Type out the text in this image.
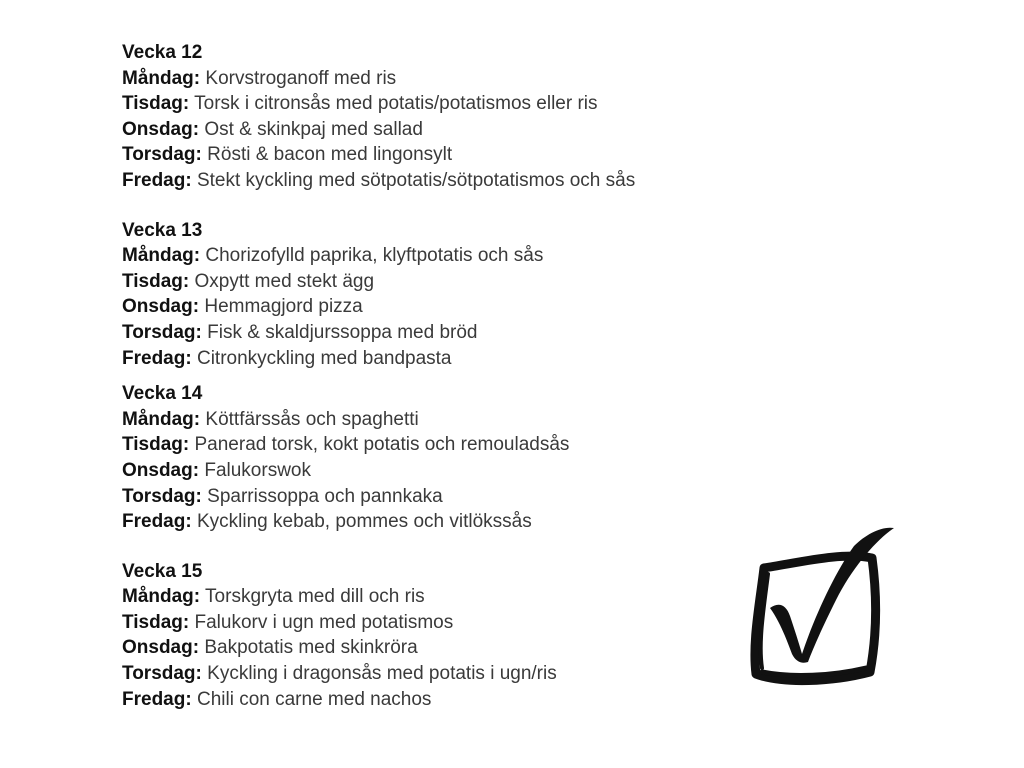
Vecka 12
Måndag: Korvstroganoff med ris
Tisdag: Torsk i citronsås med potatis/potatismos eller ris
Onsdag: Ost & skinkpaj med sallad
Torsdag: Rösti & bacon med lingonsylt
Fredag: Stekt kyckling med sötpotatis/sötpotatismos och sås
Vecka 13
Måndag: Chorizofylld paprika, klyftpotatis och sås
Tisdag: Oxpytt med stekt ägg
Onsdag: Hemmagjord pizza
Torsdag: Fisk & skaldjurssoppa med bröd
Fredag: Citronkyckling med bandpasta
Vecka 14
Måndag: Köttfärssås och spaghetti
Tisdag: Panerad torsk, kokt potatis och remouladsås
Onsdag: Falukorswok
Torsdag: Sparrissoppa och pannkaka
Fredag: Kyckling kebab, pommes och vitlökssås
Vecka 15
Måndag: Torskgryta med dill och ris
Tisdag: Falukorv i ugn med potatismos
Onsdag: Bakpotatis med skinkröra
Torsdag: Kyckling i dragonsås med potatis i ugn/ris
Fredag: Chili con carne med nachos
